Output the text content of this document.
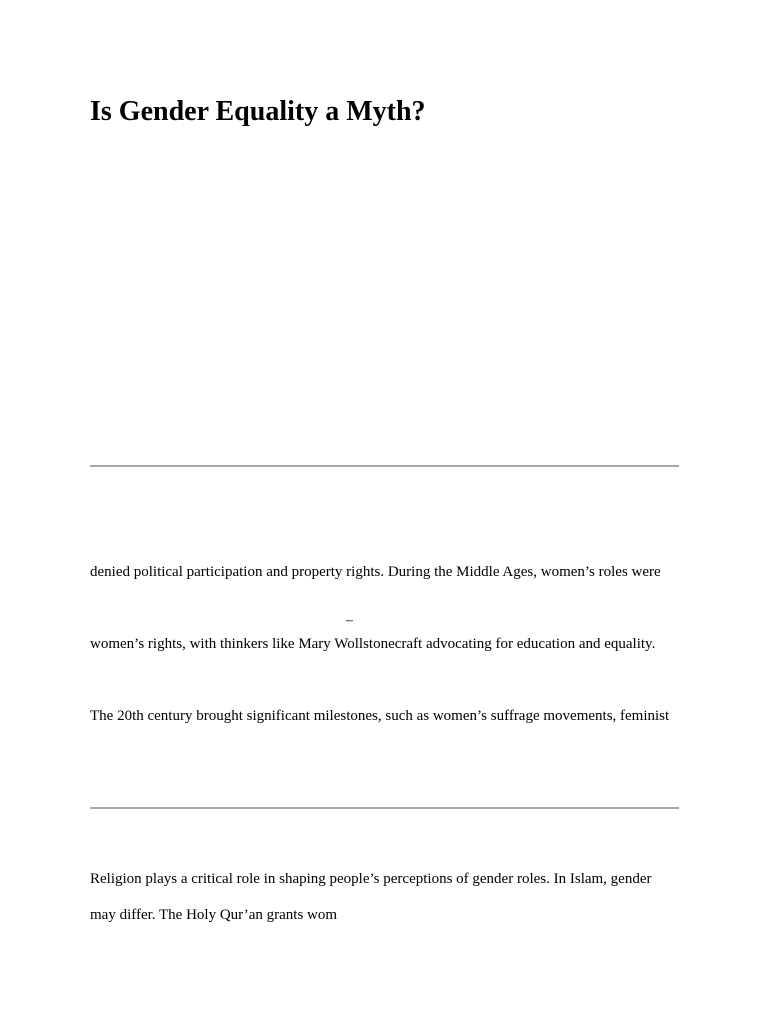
Is Gender Equality a Myth?

denied political participation and property rights. During the Middle Ages, women’s roles were

–

women’s rights, with thinkers like Mary Wollstonecraft advocating for education and equality.

The 20th century brought significant milestones, such as women’s suffrage movements, feminist

Religion plays a critical role in shaping people’s perceptions of gender roles. In Islam, gender

may differ. The Holy Qur’an grants wom
